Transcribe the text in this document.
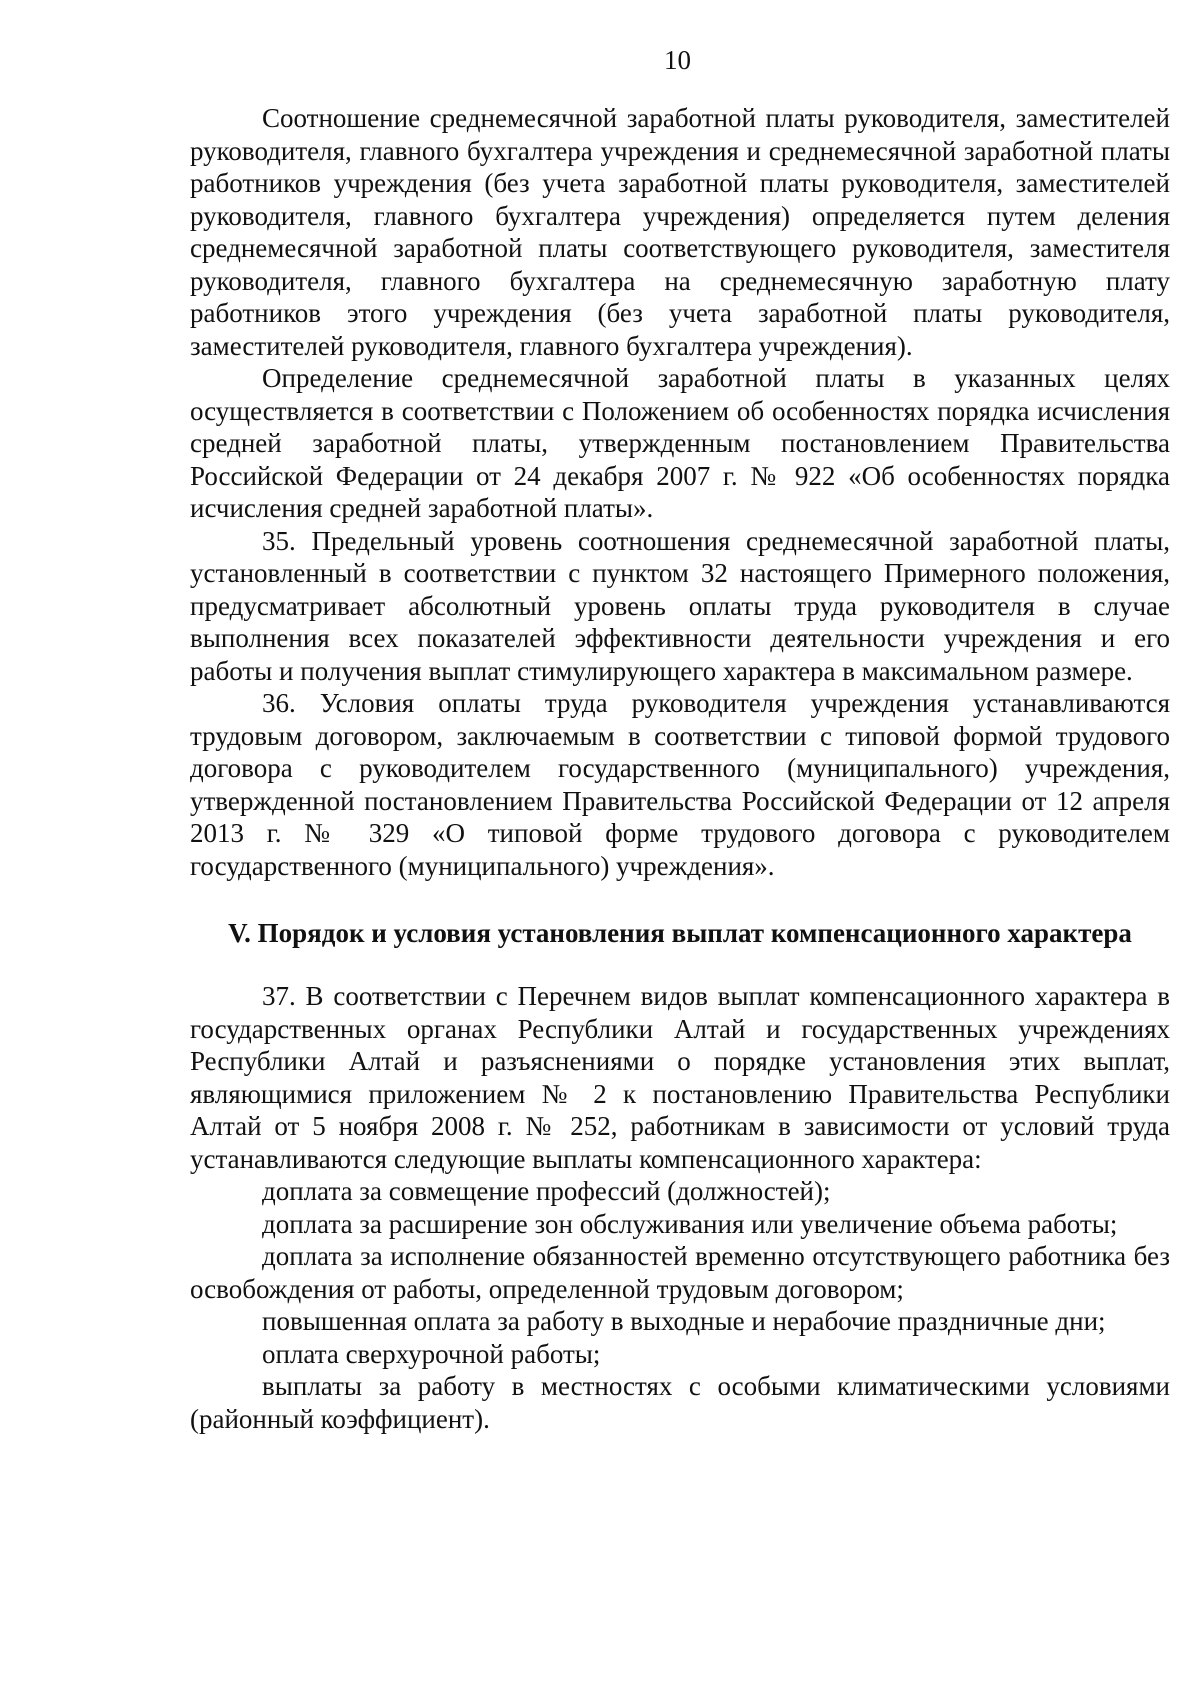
10

Соотношение среднемесячной заработной платы руководителя, заместителей руководителя, главного бухгалтера учреждения и среднемесячной заработной платы работников учреждения (без учета заработной платы руководителя, заместителей руководителя, главного бухгалтера учреждения) определяется путем деления среднемесячной заработной платы соответствующего руководителя, заместителя руководителя, главного бухгалтера на среднемесячную заработную плату работников этого учреждения (без учета заработной платы руководителя, заместителей руководителя, главного бухгалтера учреждения).

Определение среднемесячной заработной платы в указанных целях осуществляется в соответствии с Положением об особенностях порядка исчисления средней заработной платы, утвержденным постановлением Правительства Российской Федерации от 24 декабря 2007 г. № 922 «Об особенностях порядка исчисления средней заработной платы».

35. Предельный уровень соотношения среднемесячной заработной платы, установленный в соответствии с пунктом 32 настоящего Примерного положения, предусматривает абсолютный уровень оплаты труда руководителя в случае выполнения всех показателей эффективности деятельности учреждения и его работы и получения выплат стимулирующего характера в максимальном размере.

36. Условия оплаты труда руководителя учреждения устанавливаются трудовым договором, заключаемым в соответствии с типовой формой трудового договора с руководителем государственного (муниципального) учреждения, утвержденной постановлением Правительства Российской Федерации от 12 апреля 2013 г. № 329 «О типовой форме трудового договора с руководителем государственного (муниципального) учреждения».

V. Порядок и условия установления выплат компенсационного характера

37. В соответствии с Перечнем видов выплат компенсационного характера в государственных органах Республики Алтай и государственных учреждениях Республики Алтай и разъяснениями о порядке установления этих выплат, являющимися приложением № 2 к постановлению Правительства Республики Алтай от 5 ноября 2008 г. № 252, работникам в зависимости от условий труда устанавливаются следующие выплаты компенсационного характера:

доплата за совмещение профессий (должностей);

доплата за расширение зон обслуживания или увеличение объема работы;

доплата за исполнение обязанностей временно отсутствующего работника без освобождения от работы, определенной трудовым договором;

повышенная оплата за работу в выходные и нерабочие праздничные дни;

оплата сверхурочной работы;

выплаты за работу в местностях с особыми климатическими условиями (районный коэффициент).
